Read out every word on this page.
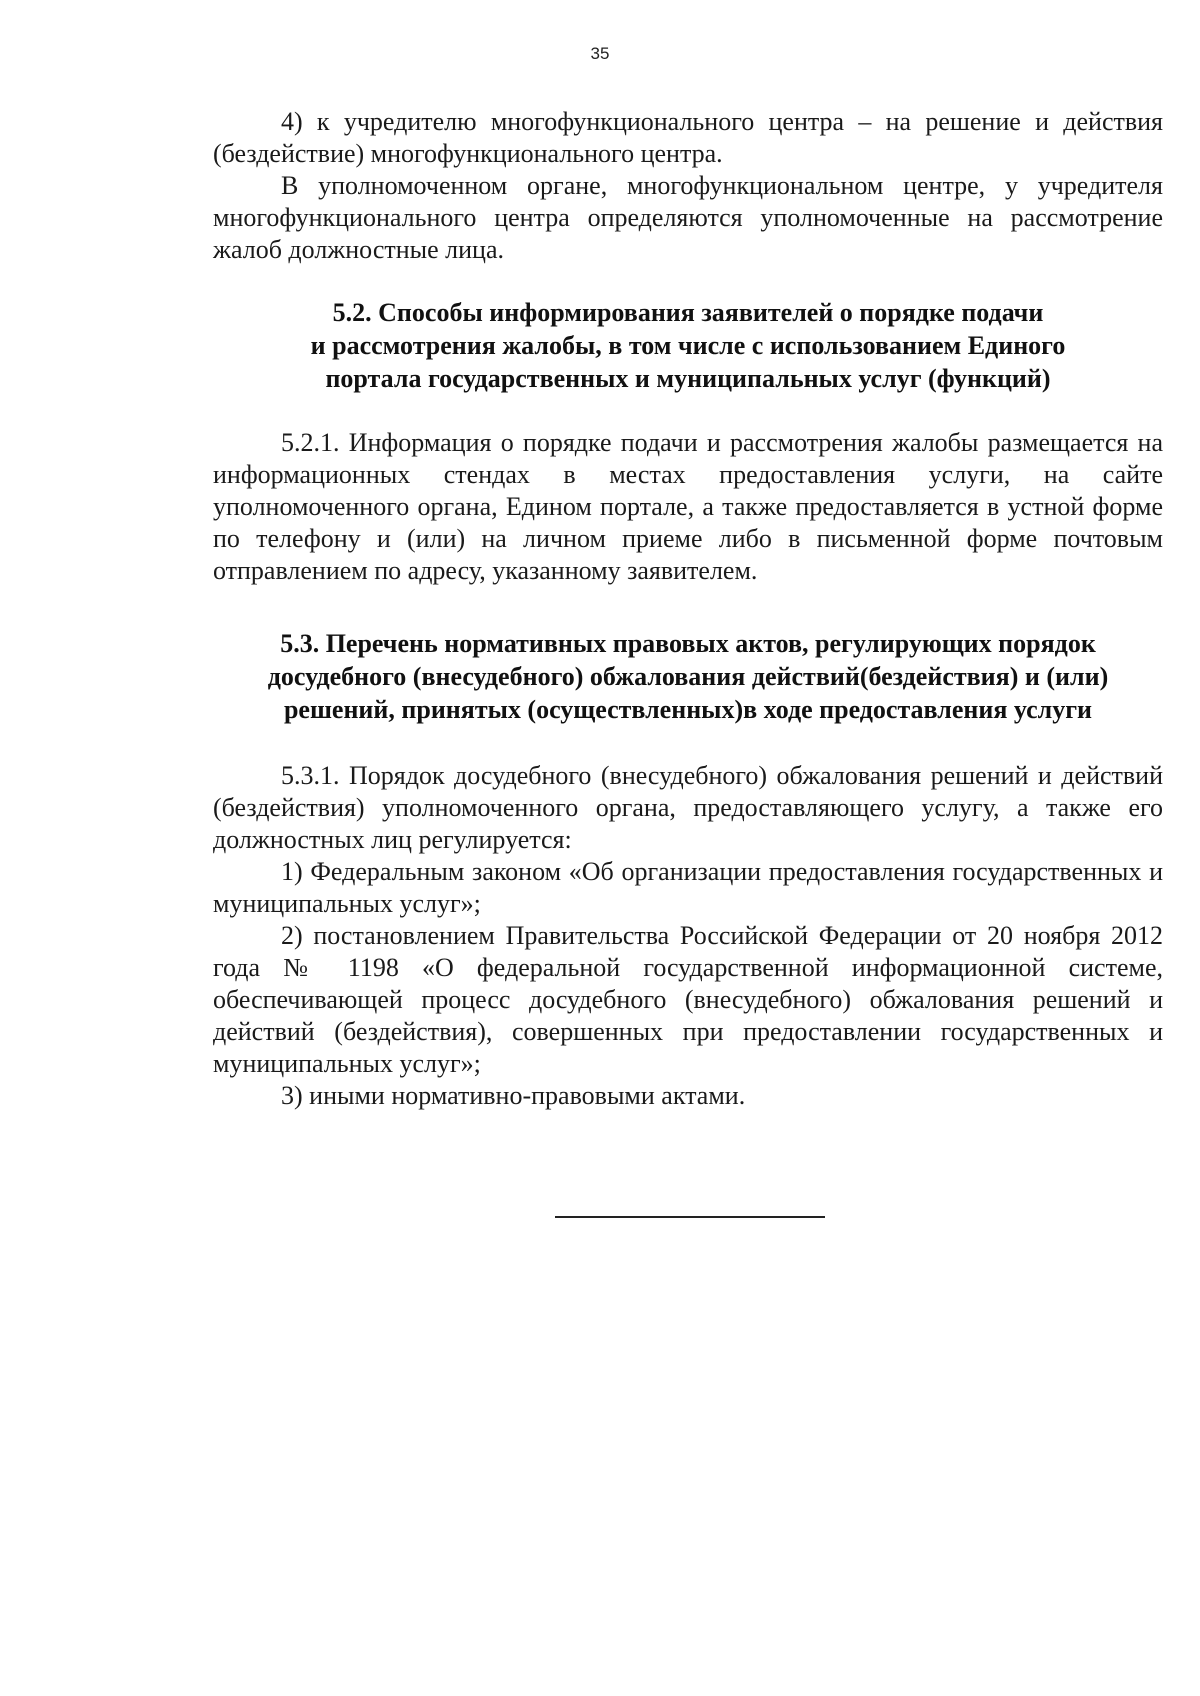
35

4) к учредителю многофункционального центра – на решение и действия (бездействие) многофункционального центра.

В уполномоченном органе, многофункциональном центре, у учредителя многофункционального центра определяются уполномоченные на рассмотрение жалоб должностные лица.

5.2. Способы информирования заявителей о порядке подачи
и рассмотрения жалобы, в том числе с использованием Единого
портала государственных и муниципальных услуг (функций)

5.2.1. Информация о порядке подачи и рассмотрения жалобы размещается на информационных стендах в местах предоставления услуги, на сайте уполномоченного органа, Едином портале, а также предоставляется в устной форме по телефону и (или) на личном приеме либо в письменной форме почтовым отправлением по адресу, указанному заявителем.

5.3. Перечень нормативных правовых актов, регулирующих порядок
досудебного (внесудебного) обжалования действий(бездействия) и (или)
решений, принятых (осуществленных)в ходе предоставления услуги

5.3.1. Порядок досудебного (внесудебного) обжалования решений и действий (бездействия) уполномоченного органа, предоставляющего услугу, а также его должностных лиц регулируется:

1) Федеральным законом «Об организации предоставления государственных и муниципальных услуг»;

2) постановлением Правительства Российской Федерации от 20 ноября 2012 года № 1198 «О федеральной государственной информационной системе, обеспечивающей процесс досудебного (внесудебного) обжалования решений и действий (бездействия), совершенных при предоставлении государственных и муниципальных услуг»;

3) иными нормативно-правовыми актами.
